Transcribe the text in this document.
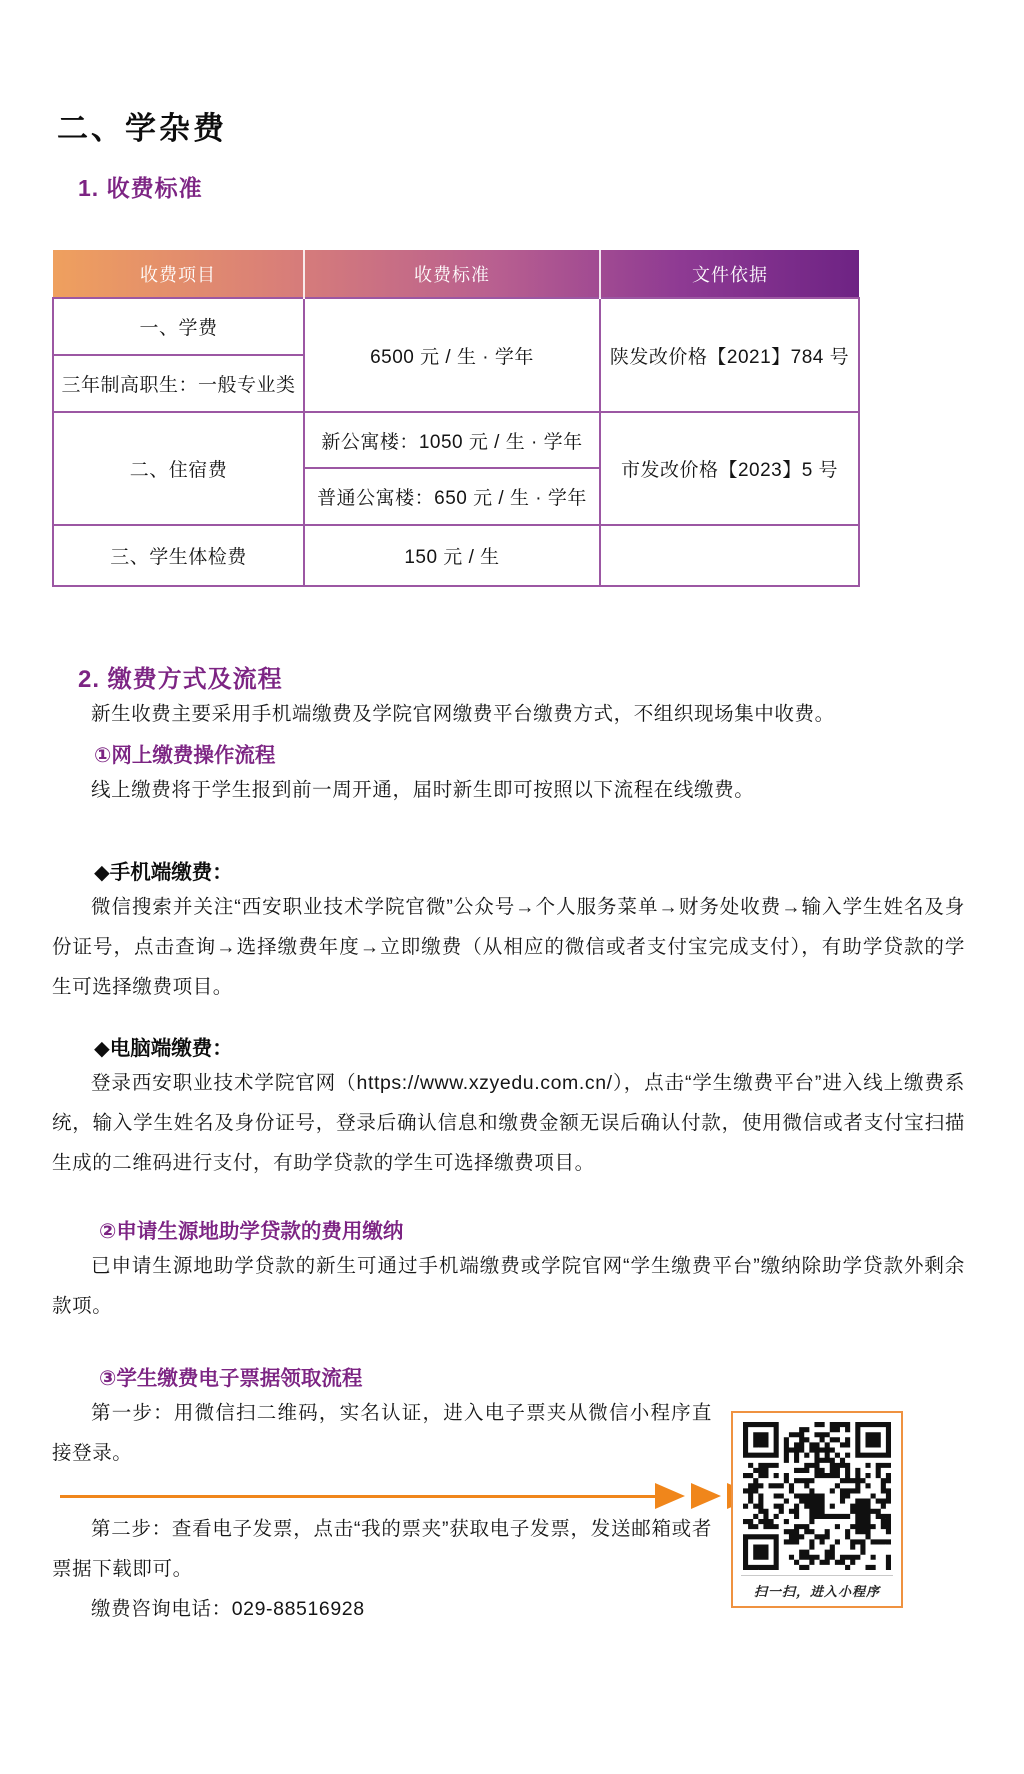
二、学杂费
1. 收费标准
收费项目	收费标准	文件依据
一、学费	6500 元 / 生 · 学年	陕发改价格【2021】784 号
三年制高职生：一般专业类		
二、住宿费	新公寓楼：1050 元 / 生 · 学年	市发改价格【2023】5 号
	普通公寓楼：650 元 / 生 · 学年	
三、学生体检费	150 元 / 生	
2. 缴费方式及流程

新生收费主要采用手机端缴费及学院官网缴费平台缴费方式，不组织现场集中收费。

①网上缴费操作流程

线上缴费将于学生报到前一周开通，届时新生即可按照以下流程在线缴费。

◆手机端缴费：

微信搜索并关注“西安职业技术学院官微”公众号→个人服务菜单→财务处收费→输入学生姓名及身份证号，点击查询→选择缴费年度→立即缴费（从相应的微信或者支付宝完成支付），有助学贷款的学生可选择缴费项目。

◆电脑端缴费：

登录西安职业技术学院官网（https://www.xzyedu.com.cn/），点击“学生缴费平台”进入线上缴费系统，输入学生姓名及身份证号，登录后确认信息和缴费金额无误后确认付款，使用微信或者支付宝扫描生成的二维码进行支付，有助学贷款的学生可选择缴费项目。

②申请生源地助学贷款的费用缴纳

已申请生源地助学贷款的新生可通过手机端缴费或学院官网“学生缴费平台”缴纳除助学贷款外剩余款项。

③学生缴费电子票据领取流程

第一步：用微信扫二维码，实名认证，进入电子票夹从微信小程序直接登录。

第二步：查看电子发票，点击“我的票夹”获取电子发票，发送邮箱或者票据下载即可。

缴费咨询电话：029-88516928

扫一扫，进入小程序
